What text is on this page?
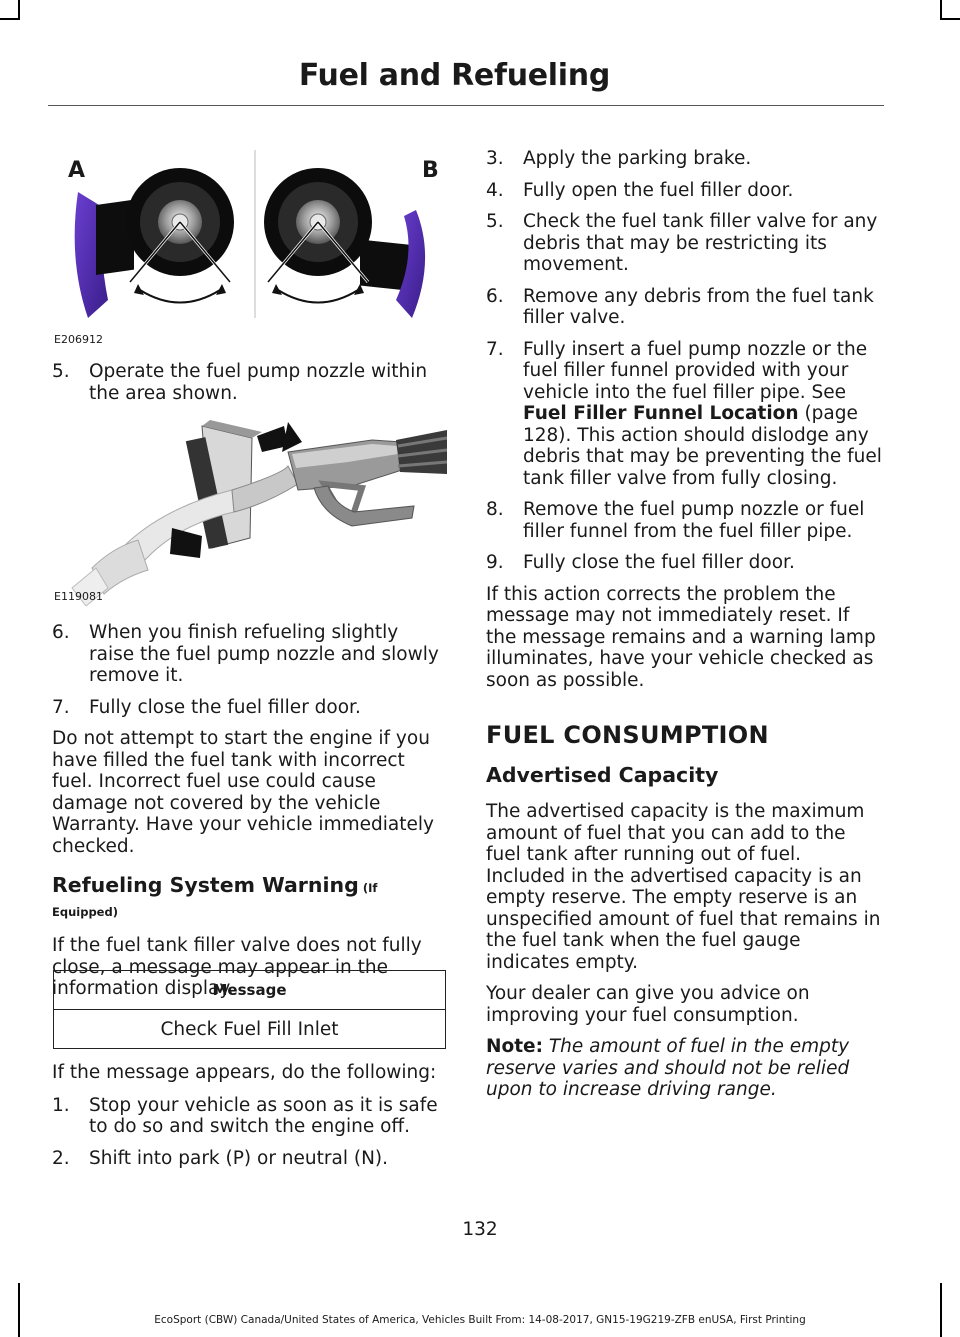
Fuel and Refueling
A	B
E206912
5. Operate the fuel pump nozzle within the area shown.
E119081
6. When you finish refueling slightly raise the fuel pump nozzle and slowly remove it.
7. Fully close the fuel filler door.

Do not attempt to start the engine if you have filled the fuel tank with incorrect fuel. Incorrect fuel use could cause damage not covered by the vehicle Warranty. Have your vehicle immediately checked.

Refueling System Warning (If Equipped)

If the fuel tank filler valve does not fully close, a message may appear in the information display.

Message
Check Fuel Fill Inlet

If the message appears, do the following:

1. Stop your vehicle as soon as it is safe to do so and switch the engine off.
2. Shift into park (P) or neutral (N).
3. Apply the parking brake.
4. Fully open the fuel filler door.
5. Check the fuel tank filler valve for any debris that may be restricting its movement.
6. Remove any debris from the fuel tank filler valve.
7. Fully insert a fuel pump nozzle or the fuel filler funnel provided with your vehicle into the fuel filler pipe. See Fuel Filler Funnel Location (page 128). This action should dislodge any debris that may be preventing the fuel tank filler valve from fully closing.
8. Remove the fuel pump nozzle or fuel filler funnel from the fuel filler pipe.
9. Fully close the fuel filler door.

If this action corrects the problem the message may not immediately reset. If the message remains and a warning lamp illuminates, have your vehicle checked as soon as possible.

FUEL CONSUMPTION
Advertised Capacity

The advertised capacity is the maximum amount of fuel that you can add to the fuel tank after running out of fuel. Included in the advertised capacity is an empty reserve. The empty reserve is an unspecified amount of fuel that remains in the fuel tank when the fuel gauge indicates empty.

Your dealer can give you advice on improving your fuel consumption.

Note: The amount of fuel in the empty reserve varies and should not be relied upon to increase driving range.

132
EcoSport (CBW) Canada/United States of America, Vehicles Built From: 14-08-2017, GN15-19G219-ZFB enUSA, First Printing
